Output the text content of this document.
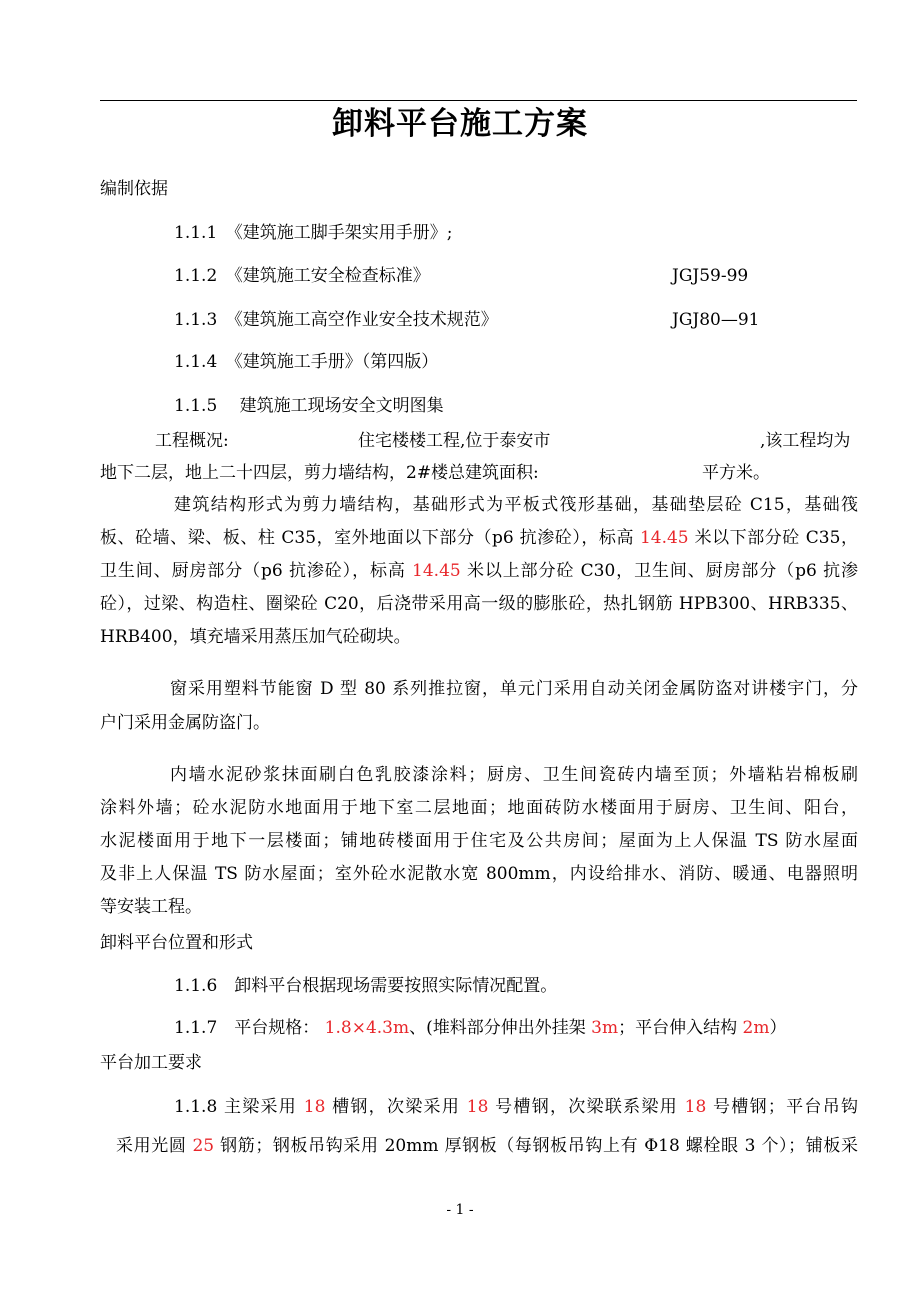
卸料平台施工方案
编制依据
1.1.1　《建筑施工脚手架实用手册》;
1.1.2　《建筑施工安全检查标准》	JGJ59-99
1.1.3　《建筑施工高空作业安全技术规范》	JGJ80—91
1.1.4　《建筑施工手册》（第四版）
1.1.5　 建筑施工现场安全文明图集
工程概况:	住宅楼楼工程,位于泰安市	,该工程均为
地下二层，地上二十四层，剪力墙结构，2#楼总建筑面积:	平方米。
建筑结构形式为剪力墙结构，基础形式为平板式筏形基础，基础垫层砼 C15，基础筏
板、砼墙、梁、板、柱 C35，室外地面以下部分（p6 抗渗砼），标高 14.45 米以下部分砼 C35，
卫生间、厨房部分（p6 抗渗砼），标高 14.45 米以上部分砼 C30，卫生间、厨房部分（p6 抗渗
砼），过梁、构造柱、圈梁砼 C20，后浇带采用高一级的膨胀砼，热扎钢筋 HPB300、HRB335、
HRB400，填充墙采用蒸压加气砼砌块。
窗采用塑料节能窗 D 型 80 系列推拉窗，单元门采用自动关闭金属防盗对讲楼宇门，分
户门采用金属防盗门。
内墙水泥砂浆抹面刷白色乳胶漆涂料；厨房、卫生间瓷砖内墙至顶；外墙粘岩棉板刷
涂料外墙；砼水泥防水地面用于地下室二层地面；地面砖防水楼面用于厨房、卫生间、阳台，
水泥楼面用于地下一层楼面；铺地砖楼面用于住宅及公共房间；屋面为上人保温 TS 防水屋面
及非上人保温 TS 防水屋面；室外砼水泥散水宽 800mm，内设给排水、消防、暖通、电器照明
等安装工程。
卸料平台位置和形式
1.1.6　卸料平台根据现场需要按照实际情况配置。
1.1.7　平台规格： 1.8×4.3m、(堆料部分伸出外挂架 3m；平台伸入结构 2m）
平台加工要求
1.1.8 主梁采用 18 槽钢，次梁采用 18 号槽钢，次梁联系梁用 18 号槽钢；平台吊钩
采用光圆 25 钢筋；钢板吊钩采用 20mm 厚钢板（每钢板吊钩上有 Φ18 螺栓眼 3 个）；铺板采
- 1 -
